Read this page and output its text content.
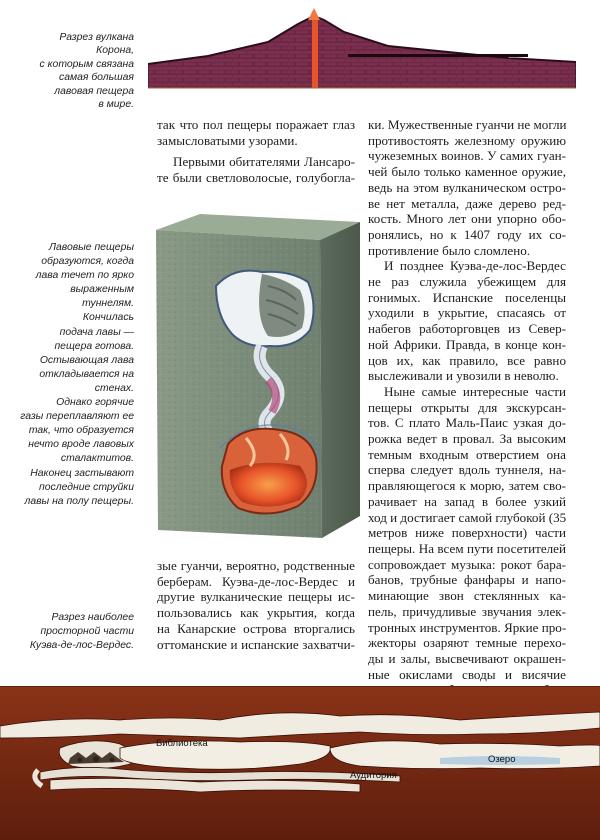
Разрез вулкана
Корона,
с которым связана
самая большая
лавовая пещера
в мире.
Лавовые пещеры
образуются, когда
лава течет по ярко
выраженным
туннелям.
Кончилась
подача лавы —
пещера готова.
Остывающая лава
откладывается на
стенах.
Однако горячие
газы переплавляют ее
так, что образуется
нечто вроде лавовых
сталактитов.
Наконец застывают
последние струйки
лавы на полу пещеры.
Разрез наиболее
просторной части
Куэва-де-лос-Вердес.
так что пол пещеры поражает глаз
замысловатыми узорами.
Первыми обитателями Лансаро-
те были светловолосые, голубогла-
зые гуанчи, вероятно, родственные
берберам. Куэва-де-лос-Вердес и
другие вулканические пещеры ис-
пользовались как укрытия, когда
на Канарские острова вторгались
оттоманские и испанские захватчи-
ки. Мужественные гуанчи не могли
противостоять железному оружию
чужеземных воинов. У самих гуан-
чей было только каменное оружие,
ведь на этом вулканическом остро-
ве нет металла, даже дерево ред-
кость. Много лет они упорно обо-
ронялись, но к 1407 году их со-
противление было сломлено.
И позднее Куэва-де-лос-Вердес
не раз служила убежищем для
гонимых. Испанские поселенцы
уходили в укрытие, спасаясь от
набегов работорговцев из Север-
ной Африки. Правда, в конце кон-
цов их, как правило, все равно
выслеживали и увозили в неволю.
Ныне самые интересные части
пещеры открыты для экскурсан-
тов. С плато Маль-Паис узкая до-
рожка ведет в провал. За высоким
темным входным отверстием она
сперва следует вдоль туннеля, на-
правляющегося к морю, затем сво-
рачивает на запад в более узкий
ход и достигает самой глубокой (35
метров ниже поверхности) части
пещеры. На всем пути посетителей
сопровождает музыка: рокот бара-
банов, трубные фанфары и напо-
минающие звон стеклянных ка-
пель, причудливые звучания элек-
тронных инструментов. Яркие про-
жекторы озаряют темные перехо-
ды и залы, высвечивают окрашен-
ные окислами своды и висячие
Библиотека
Озеро
Аудитория
